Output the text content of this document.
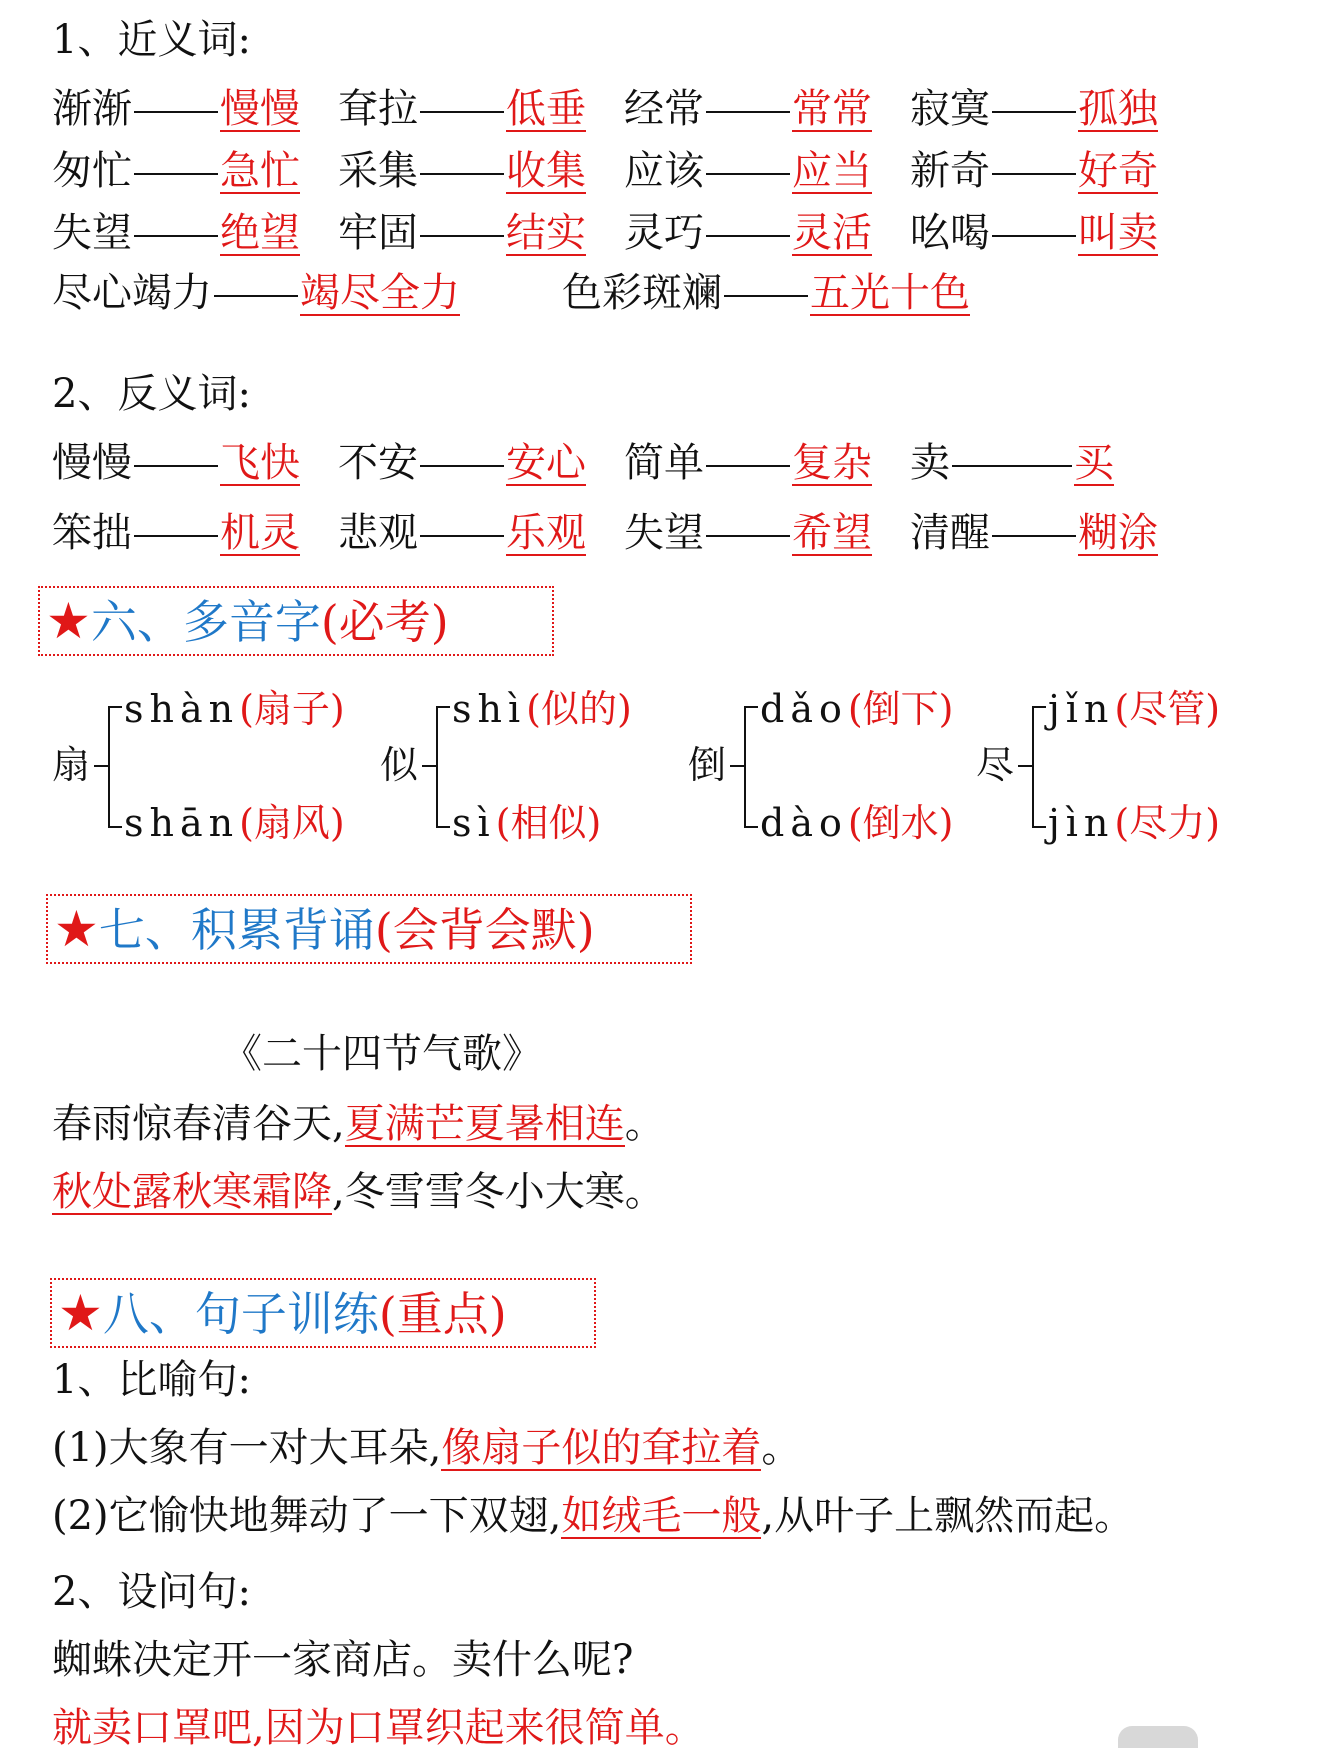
1、近义词:
渐渐 慢慢 耷拉 低垂 经常 常常 寂寞 孤独
匆忙 急忙 采集 收集 应该 应当 新奇 好奇
失望 绝望 牢固 结实 灵巧 灵活 吆喝 叫卖
尽心竭力 竭尽全力	色彩斑斓 五光十色
2、反义词:
慢慢 飞快 不安 安心 简单 复杂 卖	买
笨拙 机灵 悲观 乐观 失望 希望 清醒 糊涂
★六、多音字(必考)
扇
shàn(扇子)
shān(扇风)
似
shì(似的)
sì(相似)
倒
dǎo(倒下)
dào(倒水)
尽
jǐn(尽管)
jìn(尽力)
★七、积累背诵(会背会默)
《二十四节气歌》
春雨惊春清谷天,夏满芒夏暑相连。
秋处露秋寒霜降,冬雪雪冬小大寒。
★八、句子训练(重点)
1、比喻句:
(1)大象有一对大耳朵,像扇子似的耷拉着。
(2)它愉快地舞动了一下双翅,如绒毛一般,从叶子上飘然而起。
2、设问句:
蜘蛛决定开一家商店。卖什么呢?
就卖口罩吧,因为口罩织起来很简单。
